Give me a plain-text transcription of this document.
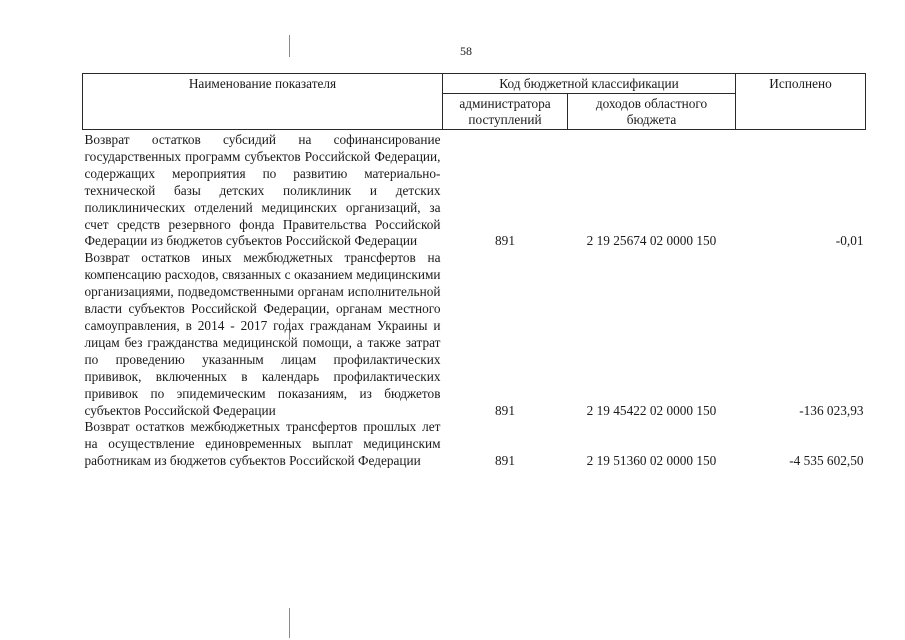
58
Наименование показателя	Код бюджетной классификации		Исполнено
	администратора поступлений	доходов областного бюджета	
Возврат остатков субсидий на софинансирование государственных программ субъектов Российской Федерации, содержащих мероприятия по развитию материально-технической базы детских поликлиник и детских поликлинических отделений медицинских организаций, за счет средств резервного фонда Правительства Российской Федерации из бюджетов субъектов Российской Федерации	891	2 19 25674 02 0000 150	-0,01
Возврат остатков иных межбюджетных трансфертов на компенсацию расходов, связанных с оказанием медицинскими организациями, подведомственными органам исполнительной власти субъектов Российской Федерации, органам местного самоуправления, в 2014 - 2017 годах гражданам Украины и лицам без гражданства медицинской помощи, а также затрат по проведению указанным лицам профилактических прививок, включенных в календарь профилактических прививок по эпидемическим показаниям, из бюджетов субъектов Российской Федерации	891	2 19 45422 02 0000 150	-136 023,93
Возврат остатков межбюджетных трансфертов прошлых лет на осуществление единовременных выплат медицинским работникам из бюджетов субъектов Российской Федерации	891	2 19 51360 02 0000 150	-4 535 602,50
